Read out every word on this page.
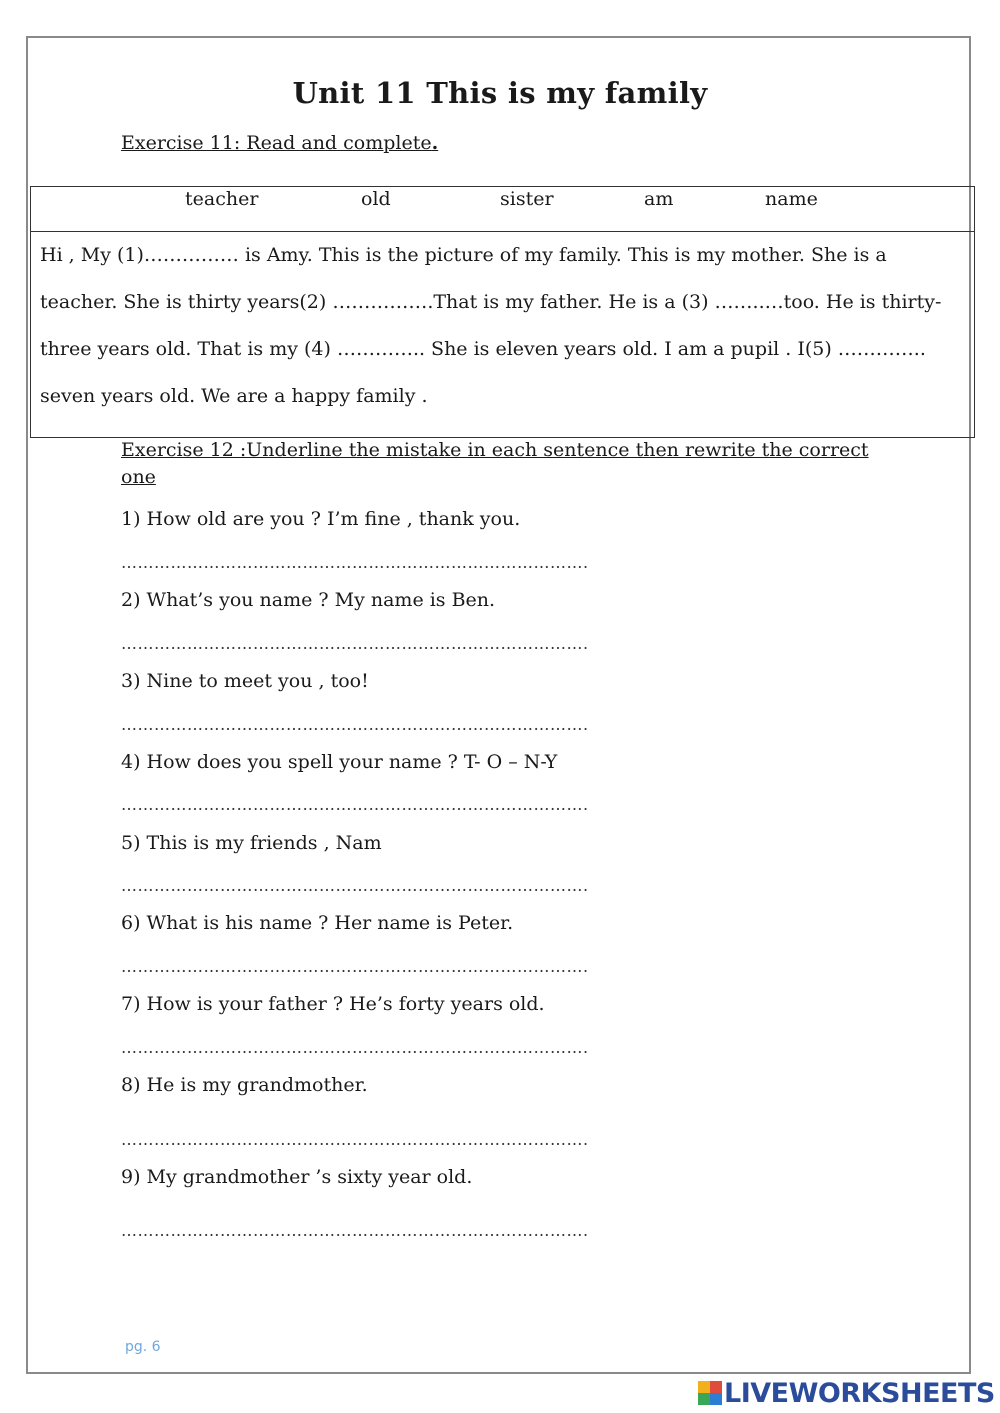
Unit 11 This is my family
Exercise 11: Read and complete.
teacher	old	sister	am	name
Hi , My (1)…………… is Amy. This is the picture of my family. This is my mother. She is a
teacher. She is thirty years(2) …………….That is my father. He is a (3) ……..…too. He is thirty-
three years old. That is my (4) ………….. She is eleven years old. I am a pupil . I(5) …………..
seven years old. We are a happy family .
Exercise 12 :Underline the mistake in each sentence then rewrite the correct
one
1) How old are you ? I’m fine , thank you.
………………………………………………………………………….
2) What’s you name ? My name is Ben.
………………………………………………………………………….
3) Nine to meet you , too!
………………………………………………………………………….
4) How does you spell your name ? T- O – N-Y
………………………………………………………………………….
5) This is my friends , Nam
………………………………………………………………………….
6) What is his name ? Her name is Peter.
………………………………………………………………………….
7) How is your father ? He’s forty years old.
………………………………………………………………………….
8) He is my grandmother.
………………………………………………………………………….
9) My grandmother ’s sixty year old.
………………………………………………………………………….
pg. 6
LIVEWORKSHEETS
